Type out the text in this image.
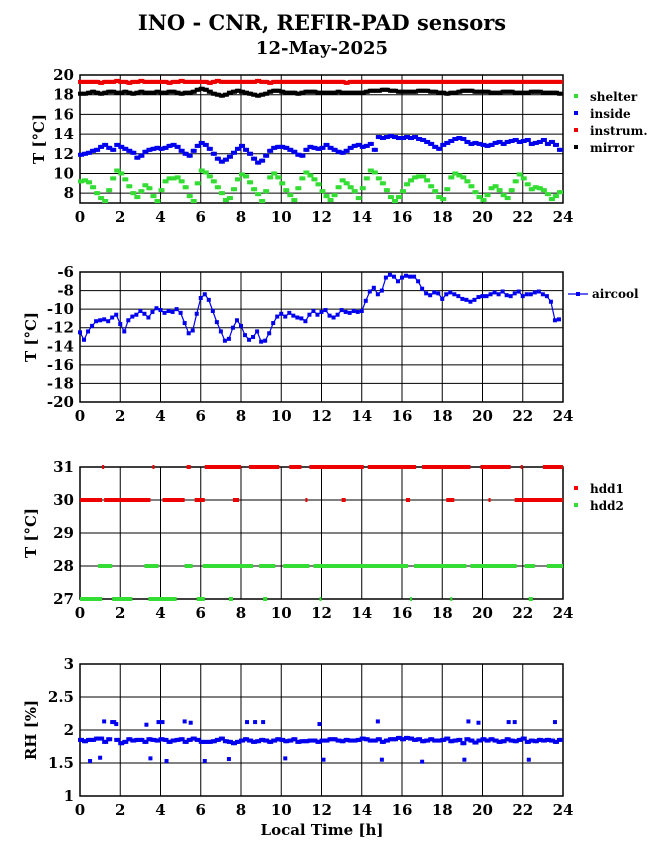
INO - CNR, REFIR-PAD sensors
12-May-2025
Local Time [h]
0 2 4 6 8 10 12 14 16 18 20 22 24
8
10
12
14
16
18
20
T [°C]
shelter
inside
instrum.
mirror
0 2 4 6 8 10 12 14 16 18 20 22 24
-6
-8
-10
-12
-14
-16
-18
-20
T [°C]
aircool
0 2 4 6 8 10 12 14 16 18 20 22 24
27
28
29
30
31
T [°C]
hdd1
hdd2
0 2 4 6 8 10 12 14 16 18 20 22 24
1
1.5
2
2.5
3
RH [%]
